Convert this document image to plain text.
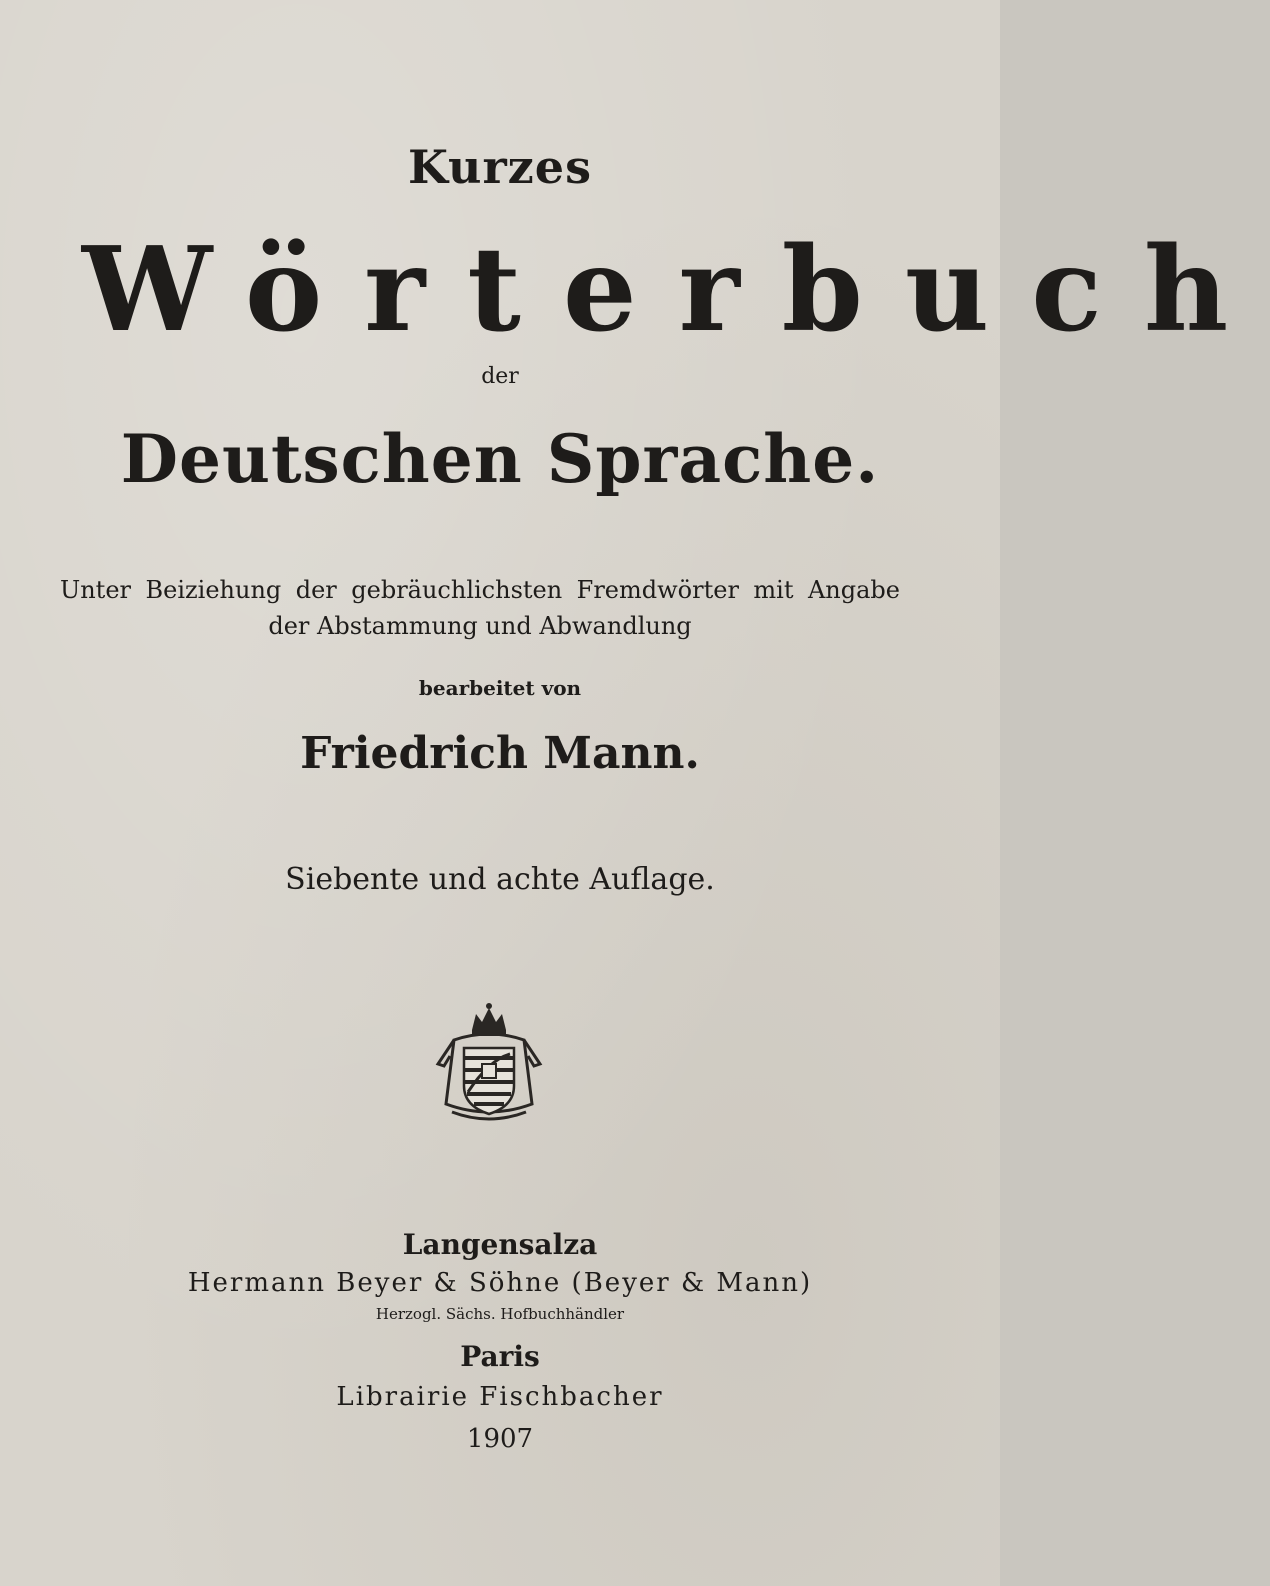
Kurzes
Wörterbuch
der
Deutschen Sprache.
Unter Beiziehung der gebräuchlichsten Fremdwörter mit Angabe der Abstammung und Abwandlung
bearbeitet von
Friedrich Mann.
Siebente und achte Auflage.
Langensalza
Hermann Beyer & Söhne (Beyer & Mann)
Herzogl. Sächs. Hofbuchhändler
Paris
Librairie Fischbacher
1907
